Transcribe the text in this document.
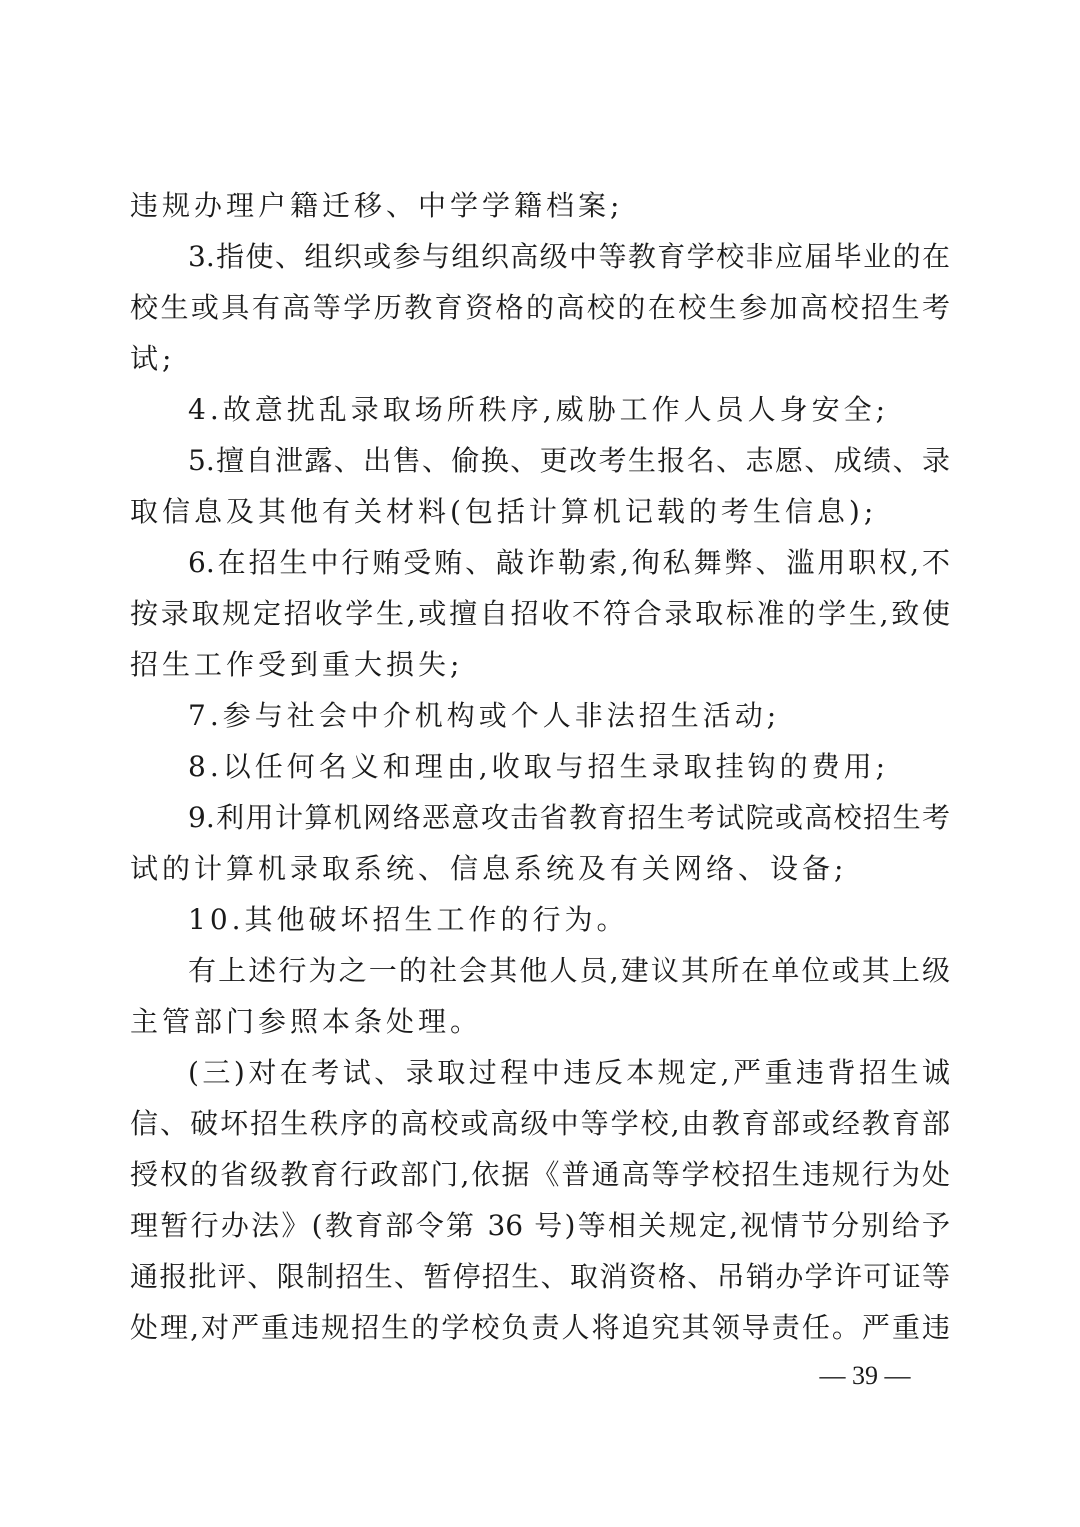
违规办理户籍迁移、中学学籍档案;
3.指使、组织或参与组织高级中等教育学校非应届毕业的在
校生或具有高等学历教育资格的高校的在校生参加高校招生考
试;
4.故意扰乱录取场所秩序,威胁工作人员人身安全;
5.擅自泄露、出售、偷换、更改考生报名、志愿、成绩、录
取信息及其他有关材料(包括计算机记载的考生信息);
6.在招生中行贿受贿、敲诈勒索,徇私舞弊、滥用职权,不
按录取规定招收学生,或擅自招收不符合录取标准的学生,致使
招生工作受到重大损失;
7.参与社会中介机构或个人非法招生活动;
8.以任何名义和理由,收取与招生录取挂钩的费用;
9.利用计算机网络恶意攻击省教育招生考试院或高校招生考
试的计算机录取系统、信息系统及有关网络、设备;
10.其他破坏招生工作的行为。
有上述行为之一的社会其他人员,建议其所在单位或其上级
主管部门参照本条处理。
(三)对在考试、录取过程中违反本规定,严重违背招生诚
信、破坏招生秩序的高校或高级中等学校,由教育部或经教育部
授权的省级教育行政部门,依据《普通高等学校招生违规行为处
理暂行办法》(教育部令第 36 号)等相关规定,视情节分别给予
通报批评、限制招生、暂停招生、取消资格、吊销办学许可证等
处理,对严重违规招生的学校负责人将追究其领导责任。严重违
— 39 —
